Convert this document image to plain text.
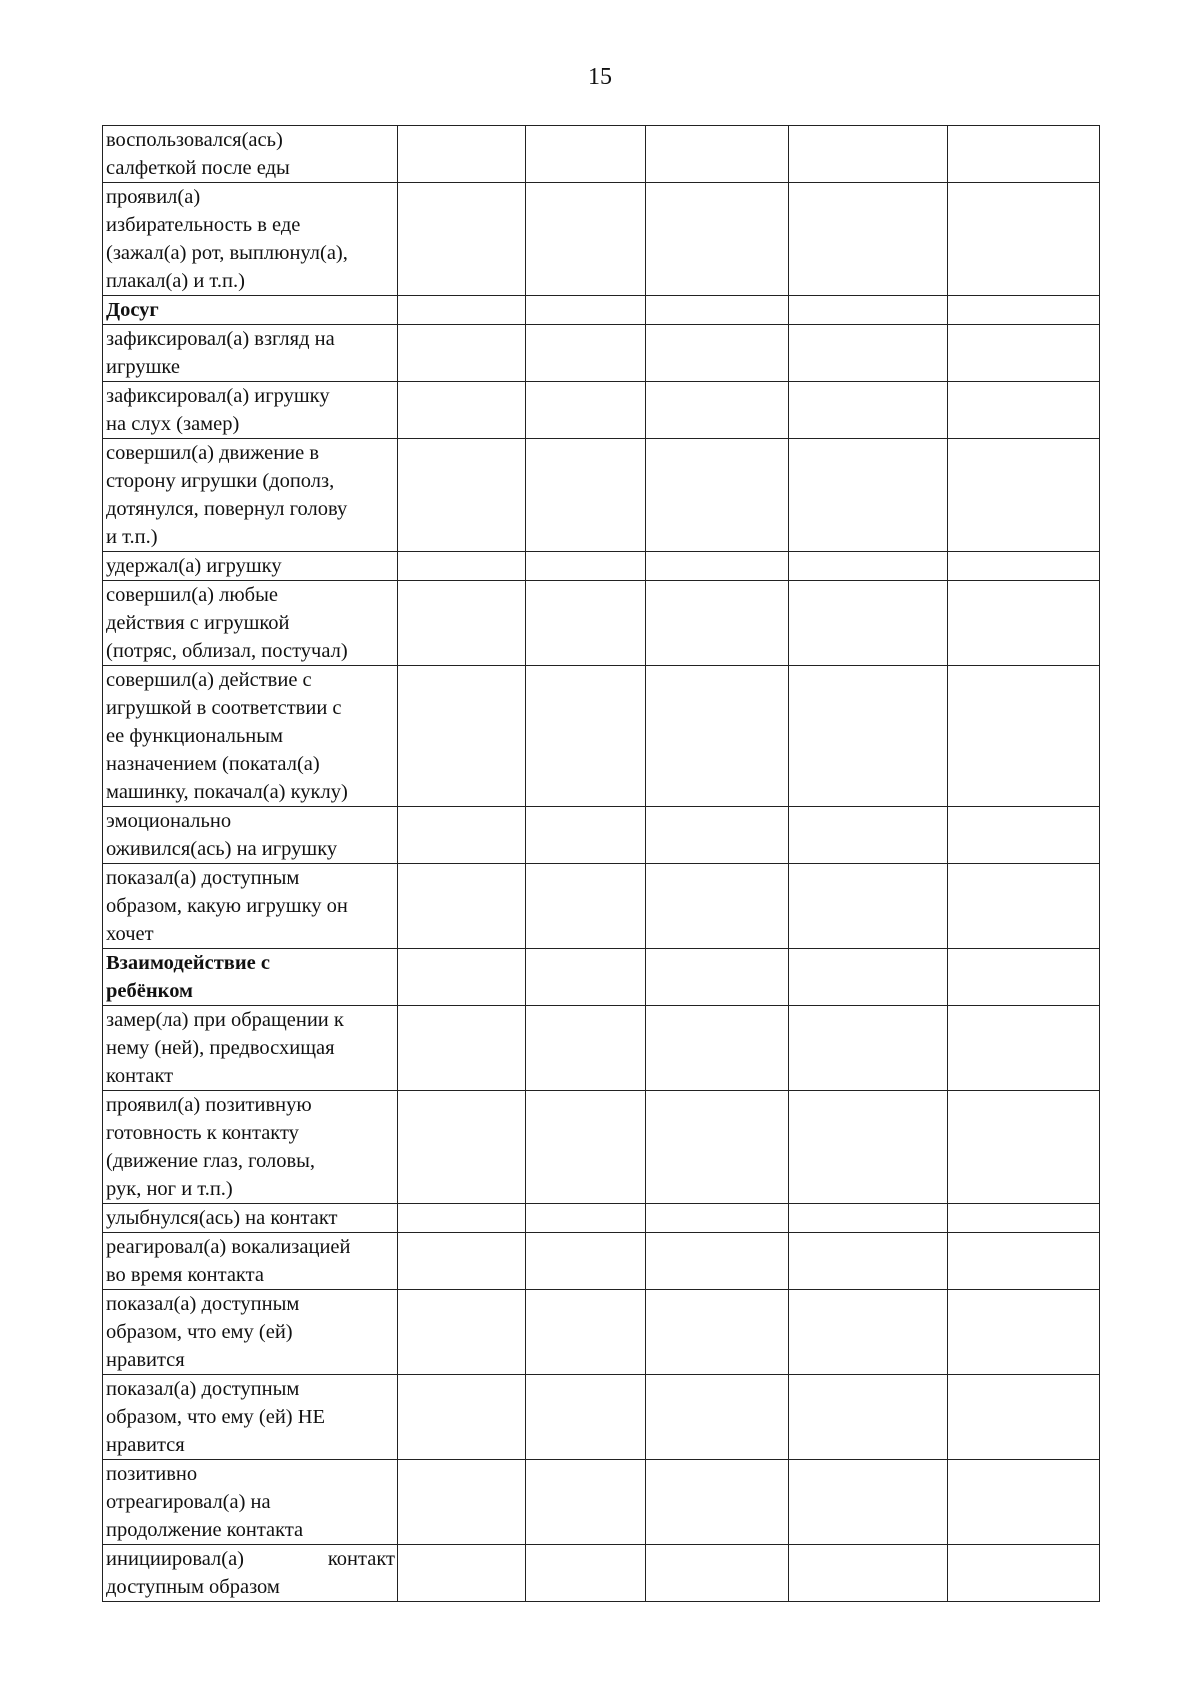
15
воспользовался(ась)
салфеткой после еды					

проявил(а)
избирательность в еде
(зажал(а) рот, выплюнул(а),
плакал(а) и т.п.)					

Досуг					

зафиксировал(а) взгляд на
игрушке					

зафиксировал(а) игрушку
на слух (замер)					

совершил(а) движение в
сторону игрушки (дополз,
дотянулся, повернул голову
и т.п.)					

удержал(а) игрушку					

совершил(а) любые
действия с игрушкой
(потряс, облизал, постучал)					

совершил(а) действие с
игрушкой в соответствии с
ее функциональным
назначением (покатал(а)
машинку, покачал(а) куклу)					

эмоционально
оживился(ась) на игрушку					

показал(а) доступным
образом, какую игрушку он
хочет					

Взаимодействие с
ребёнком					

замер(ла) при обращении к
нему (ней), предвосхищая
контакт					

проявил(а) позитивную
готовность к контакту
(движение глаз, головы,
рук, ног и т.п.)					

улыбнулся(ась) на контакт					

реагировал(а) вокализацией
во время контакта					

показал(а) доступным
образом, что ему (ей)
нравится					

показал(а) доступным
образом, что ему (ей) НЕ
нравится					

позитивно
отреагировал(а) на
продолжение контакта					

инициировал(а) контакт
доступным образом					
